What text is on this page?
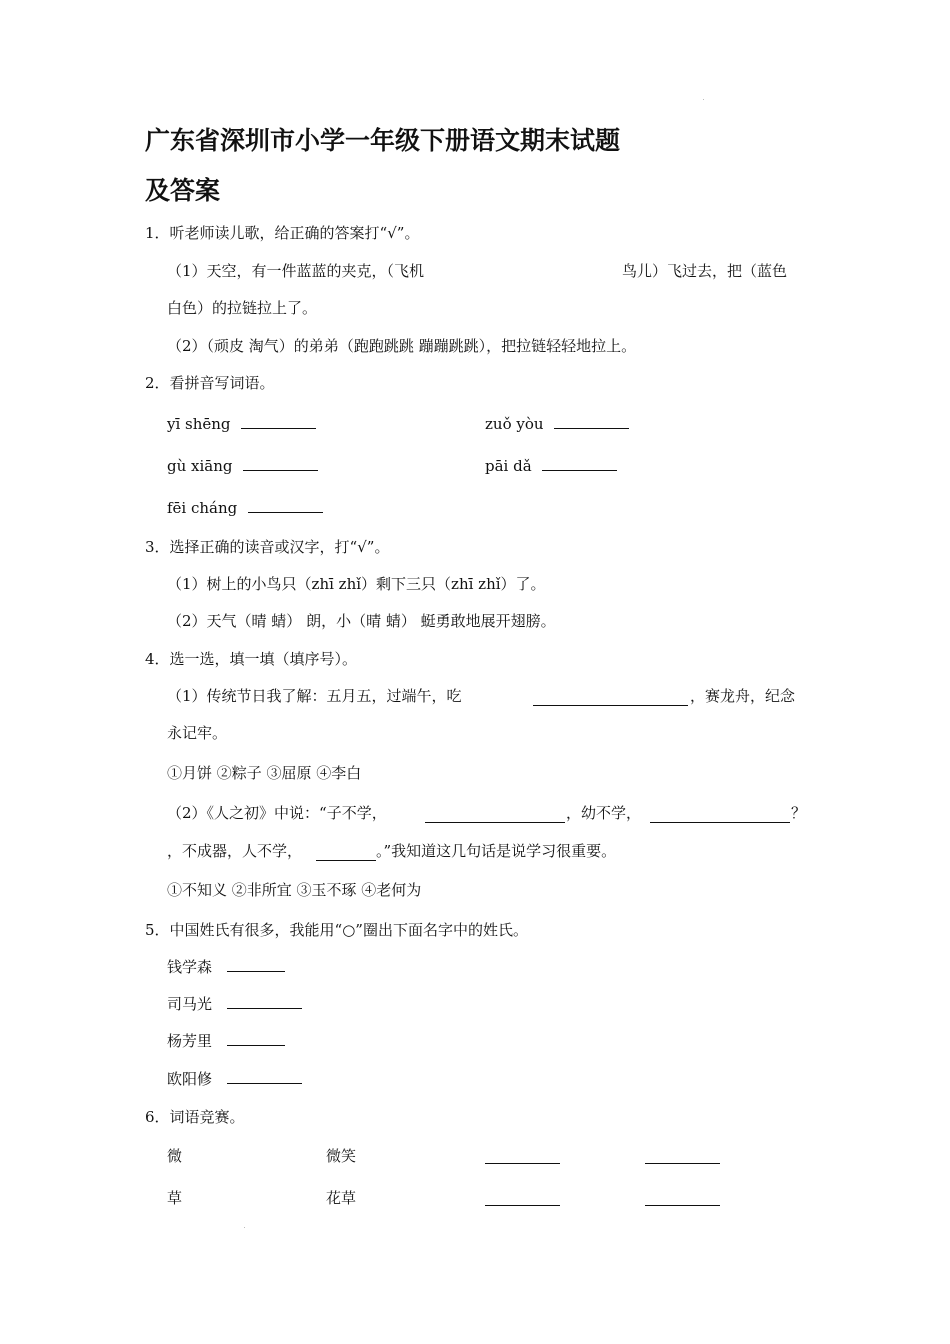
广东省深圳市小学一年级下册语文期末试题
及答案
1．听老师读儿歌，给正确的答案打“√”。
（1）天空，有一件蓝蓝的夹克，（飞机	鸟儿）飞过去，把（蓝色
白色）的拉链拉上了。
（2）（顽皮 淘气）的弟弟（跑跑跳跳 蹦蹦跳跳），把拉链轻轻地拉上。
2．看拼音写词语。
yī shēng	zuǒ yòu
gù xiāng	pāi dǎ
fēi cháng
3．选择正确的读音或汉字，打“√”。
（1）树上的小鸟只（zhī zhǐ）剩下三只（zhī zhǐ）了。
（2）天气（晴 蜻） 朗，小（晴 蜻） 蜓勇敢地展开翅膀。
4．选一选，填一填（填序号）。
（1）传统节日我了解：五月五，过端午，吃	，赛龙舟，纪念
永记牢。
①月饼 ②粽子 ③屈原 ④李白
（2）《人之初》中说：“子不学，	，幼不学，	？
，不成器，人不学，	。”我知道这几句话是说学习很重要。
①不知义 ②非所宜 ③玉不琢 ④老何为
5．中国姓氏有很多，我能用“○”圈出下面名字中的姓氏。
钱学森
司马光
杨芳里
欧阳修
6．词语竞赛。
微	微笑
草	花草
